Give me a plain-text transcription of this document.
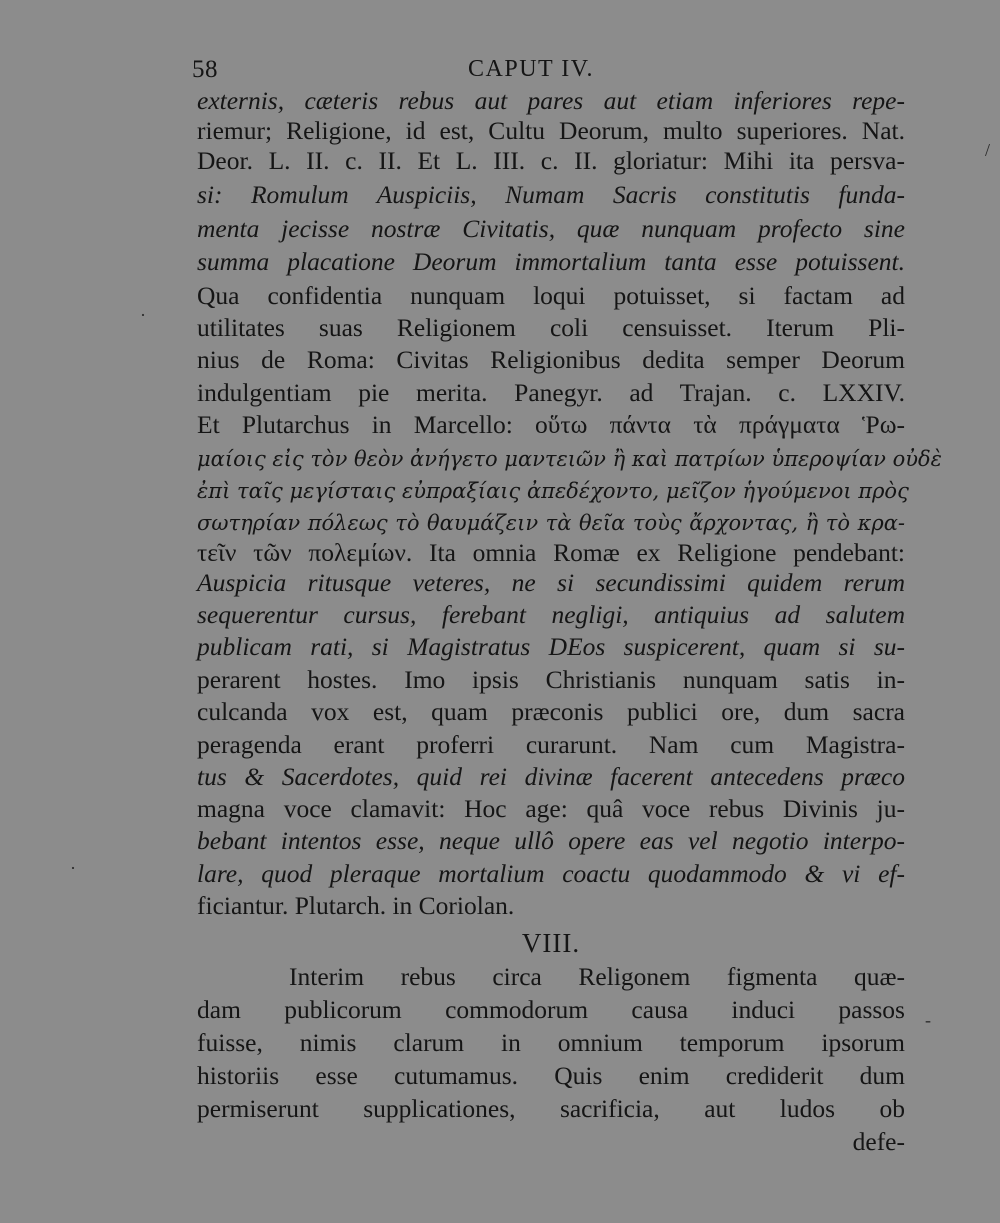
58	CAPUT IV.
externis, cæteris rebus aut pares aut etiam inferiores repe-
riemur; Religione, id est, Cultu Deorum, multo superiores. Nat.
Deor. L. II. c. II. Et L. III. c. II. gloriatur: Mihi ita persva-
si: Romulum Auspiciis, Numam Sacris constitutis funda-
menta jecisse nostræ Civitatis, quæ nunquam profecto sine
summa placatione Deorum immortalium tanta esse potuissent.
Qua confidentia nunquam loqui potuisset, si factam ad
utilitates suas Religionem coli censuisset. Iterum Pli-
nius de Roma: Civitas Religionibus dedita semper Deorum
indulgentiam pie merita. Panegyr. ad Trajan. c. LXXIV.
Et Plutarchus in Marcello: οὕτω πάντα τὰ πράγματα Ῥω-
μαίοις εἰς τὸν θεὸν ἀνήγετο μαντειῶν ἢ καὶ πατρίων ὑπεροψίαν οὐδὲ
ἐπὶ ταῖς μεγίσταις εὐπραξίαις ἀπεδέχοντο, μεῖζον ἡγούμενοι πρὸς
σωτηρίαν πόλεως τὸ θαυμάζειν τὰ θεῖα τοὺς ἄρχοντας, ἢ τὸ κρα-
τεῖν τῶν πολεμίων. Ita omnia Romæ ex Religione pendebant:
Auspicia ritusque veteres, ne si secundissimi quidem rerum
sequerentur cursus, ferebant negligi, antiquius ad salutem
publicam rati, si Magistratus DEos suspicerent, quam si su-
perarent hostes. Imo ipsis Christianis nunquam satis in-
culcanda vox est, quam præconis publici ore, dum sacra
peragenda erant proferri curarunt. Nam cum Magistra-
tus & Sacerdotes, quid rei divinæ facerent antecedens præco
magna voce clamavit: Hoc age: quâ voce rebus Divinis ju-
bebant intentos esse, neque ullô opere eas vel negotio interpo-
lare, quod pleraque mortalium coactu quodammodo & vi ef-
ficiantur. Plutarch. in Coriolan.
VIII.
Interim rebus circa Religonem figmenta quæ-
dam publicorum commodorum causa induci passos
fuisse, nimis clarum in omnium temporum ipsorum
historiis esse cutumamus. Quis enim crediderit dum
permiserunt supplicationes, sacrificia, aut ludos ob
defe-
/
·
·
-
